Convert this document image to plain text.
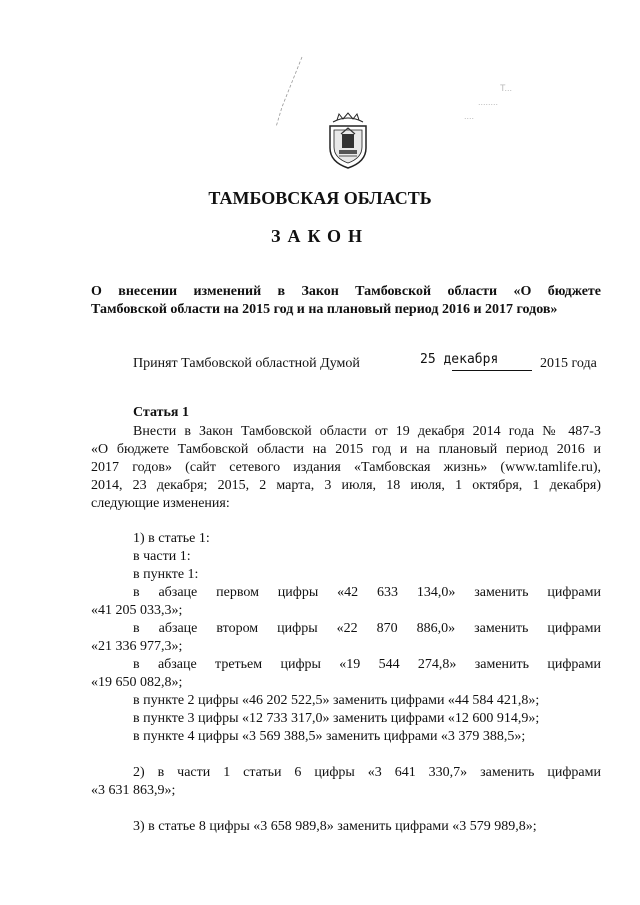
Т...
........
....
ТАМБОВСКАЯ ОБЛАСТЬ
ЗАКОН
О внесении изменений в Закон Тамбовской области «О бюджете
Тамбовской области на 2015 год и на плановый период 2016 и 2017 годов»
Принят Тамбовской областной Думой	25 декабря	2015 года
Статья 1
Внести в Закон Тамбовской области от 19 декабря 2014 года № 487-З
«О бюджете Тамбовской области на 2015 год и на плановый период 2016 и
2017 годов» (сайт сетевого издания «Тамбовская жизнь» (www.tamlife.ru),
2014, 23 декабря; 2015, 2 марта, 3 июля, 18 июля, 1 октября, 1 декабря)
следующие изменения:
1) в статье 1:
в части 1:
в пункте 1:
в абзаце первом цифры «42 633 134,0» заменить цифрами
«41 205 033,3»;
в абзаце втором цифры «22 870 886,0» заменить цифрами
«21 336 977,3»;
в абзаце третьем цифры «19 544 274,8» заменить цифрами
«19 650 082,8»;
в пункте 2 цифры «46 202 522,5» заменить цифрами «44 584 421,8»;
в пункте 3 цифры «12 733 317,0» заменить цифрами «12 600 914,9»;
в пункте 4 цифры «3 569 388,5» заменить цифрами «3 379 388,5»;
2) в части 1 статьи 6 цифры «3 641 330,7» заменить цифрами
«3 631 863,9»;
3) в статье 8 цифры «3 658 989,8» заменить цифрами «3 579 989,8»;
